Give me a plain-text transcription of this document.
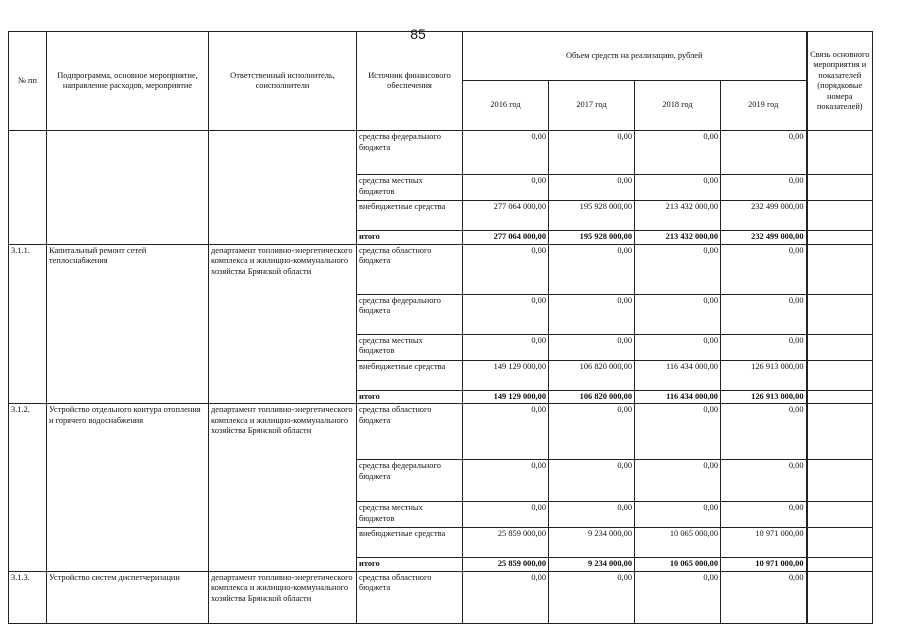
85
№ пп	Подпрограмма, основное мероприятие, направление расходов, мероприятие	Ответственный исполнитель, соисполнители	Источник финансового обеспечения	Объем средств на реализацию, рублей				Связь основного мероприятия и показателей (порядковые номера показателей)
				2016 год	2017 год	2018 год	2019 год	
			средства федерального бюджета	0,00	0,00	0,00	0,00	
			средства местных бюджетов	0,00	0,00	0,00	0,00	
			внебюджетные средства	277 064 000,00	195 928 000,00	213 432 000,00	232 499 000,00	
			итого	277 064 000,00	195 928 000,00	213 432 000,00	232 499 000,00	
3.1.1.	Капитальный ремонт сетей теплоснабжения	департамент топливно-энергетического комплекса и жилищно-коммунального хозяйства Брянской области	средства областного бюджета	0,00	0,00	0,00	0,00	
			средства федерального бюджета	0,00	0,00	0,00	0,00	
			средства местных бюджетов	0,00	0,00	0,00	0,00	
			внебюджетные средства	149 129 000,00	106 820 000,00	116 434 000,00	126 913 000,00	
			итого	149 129 000,00	106 820 000,00	116 434 000,00	126 913 000,00	
3.1.2.	Устройство отдельного контура отопления и горячего водоснабжения	департамент топливно-энергетического комплекса и жилищно-коммунального хозяйства Брянской области	средства областного бюджета	0,00	0,00	0,00	0,00	
			средства федерального бюджета	0,00	0,00	0,00	0,00	
			средства местных бюджетов	0,00	0,00	0,00	0,00	
			внебюджетные средства	25 859 000,00	9 234 000,00	10 065 000,00	10 971 000,00	
			итого	25 859 000,00	9 234 000,00	10 065 000,00	10 971 000,00	
3.1.3.	Устройство систем диспетчеризации	департамент топливно-энергетического комплекса и жилищно-коммунального хозяйства Брянской области	средства областного бюджета	0,00	0,00	0,00	0,00	
